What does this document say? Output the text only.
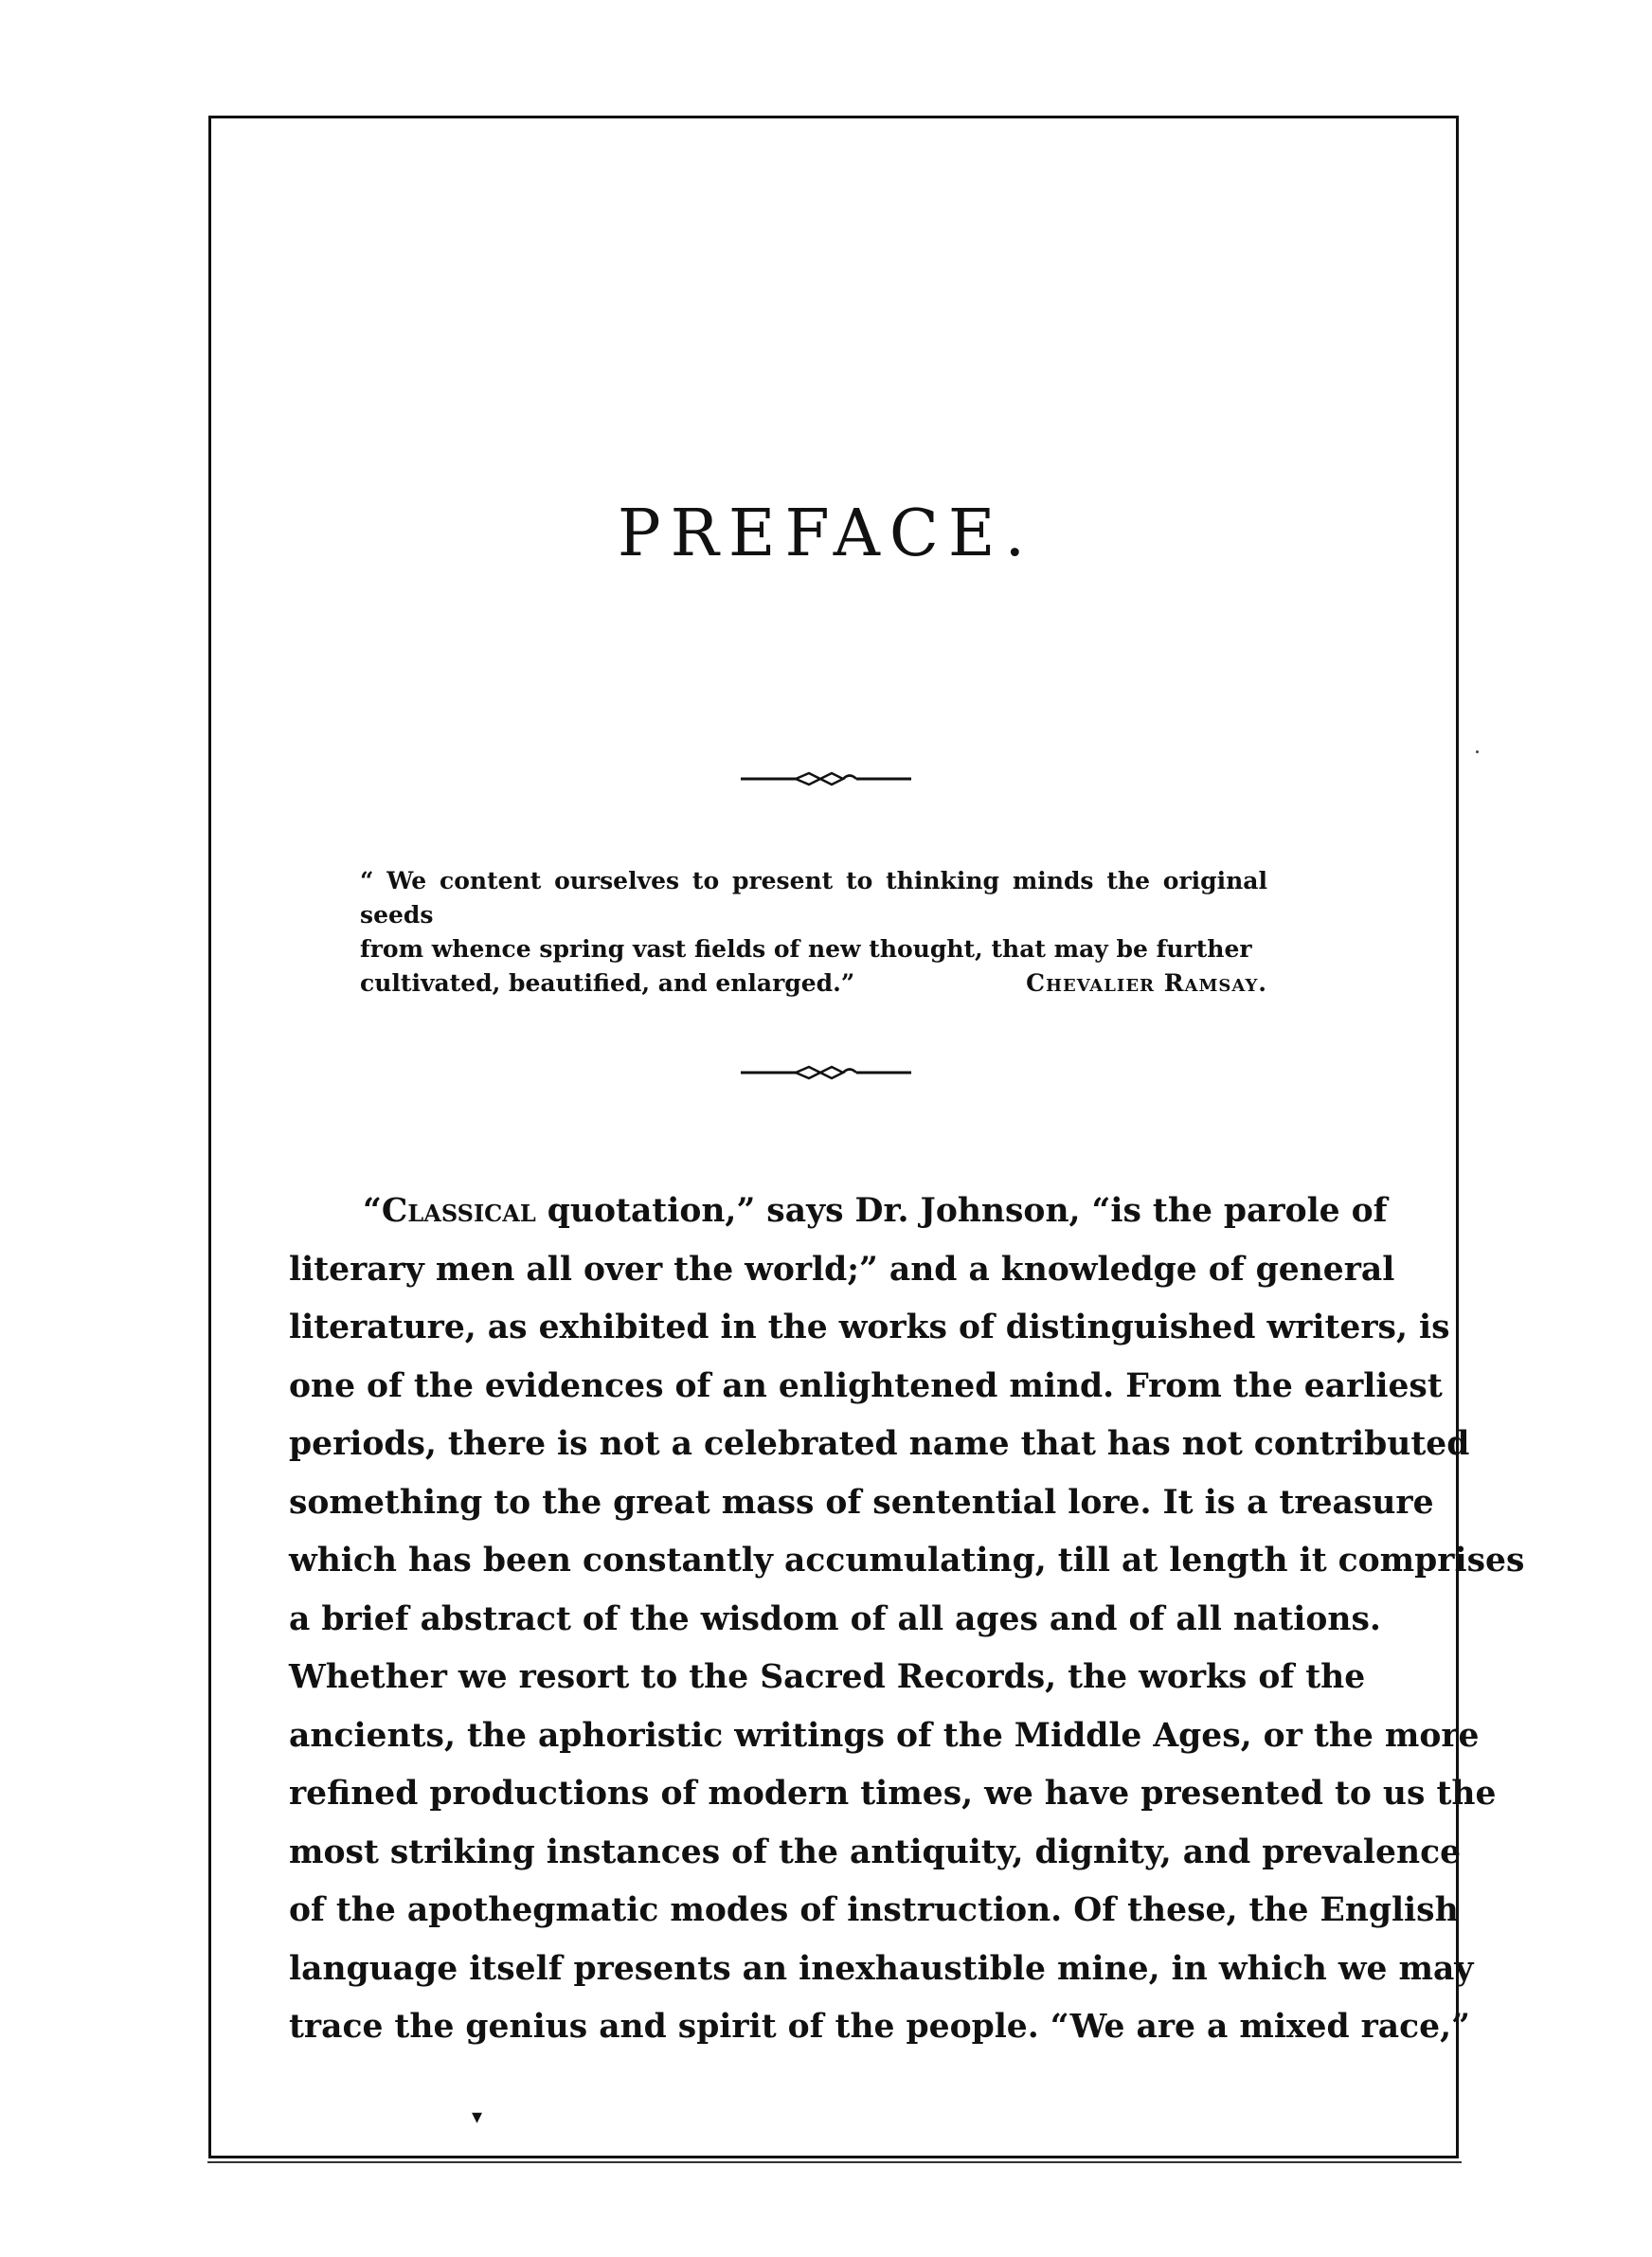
PREFACE.
“ We content ourselves to present to thinking minds the original seeds
from whence spring vast fields of new thought, that may be further
cultivated, beautified, and enlarged.”	Chevalier Ramsay.
“Classical quotation,” says Dr. Johnson, “is the parole of
literary men all over the world;” and a knowledge of general
literature, as exhibited in the works of distinguished writers, is
one of the evidences of an enlightened mind. From the earliest
periods, there is not a celebrated name that has not contributed
something to the great mass of sentential lore. It is a treasure
which has been constantly accumulating, till at length it comprises
a brief abstract of the wisdom of all ages and of all nations.
Whether we resort to the Sacred Records, the works of the
ancients, the aphoristic writings of the Middle Ages, or the more
refined productions of modern times, we have presented to us the
most striking instances of the antiquity, dignity, and prevalence
of the apothegmatic modes of instruction. Of these, the English
language itself presents an inexhaustible mine, in which we may
trace the genius and spirit of the people. “We are a mixed race,”
▾
